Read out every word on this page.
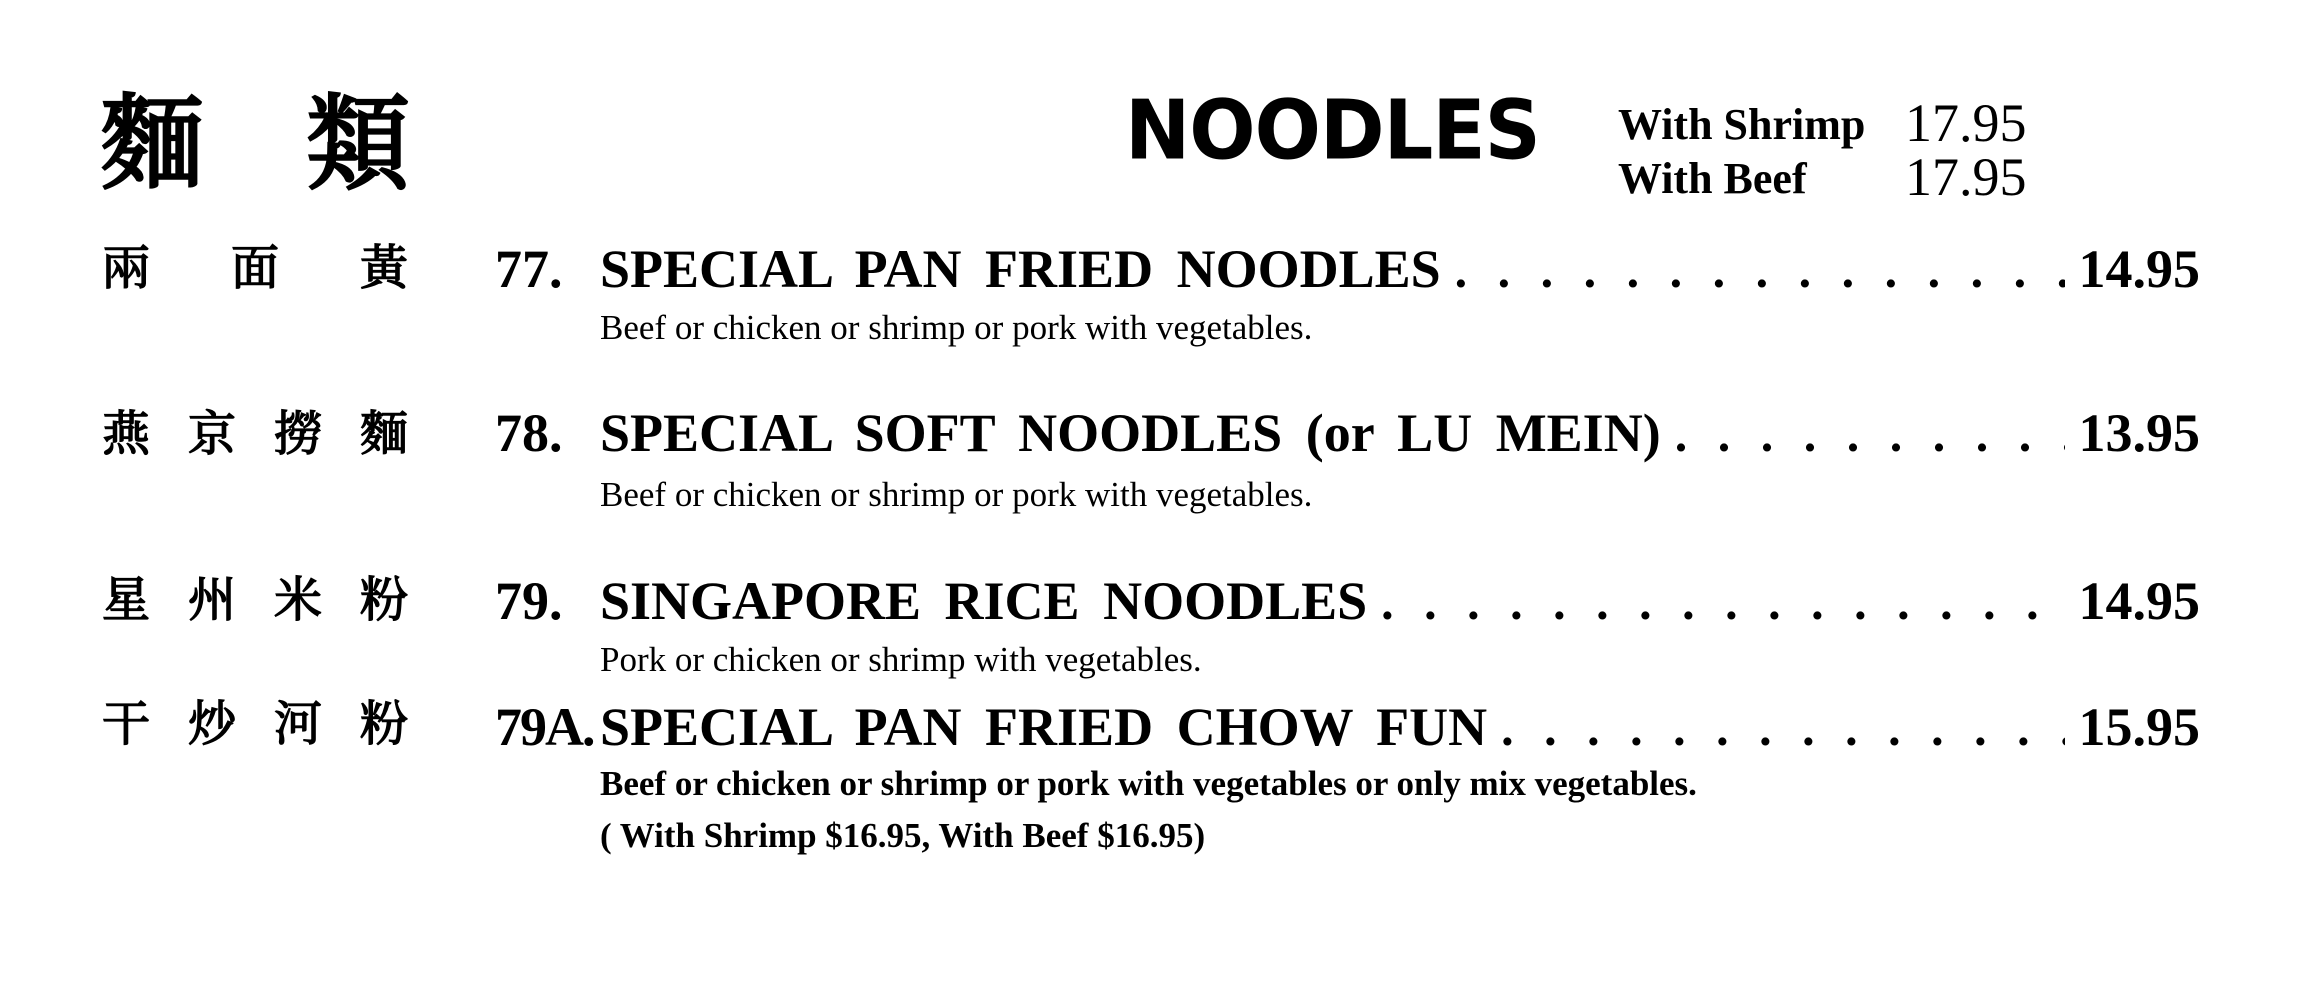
麵 類	NOODLES With Shrimp 17.95
With Beef 17.95
兩 面 黃 77. SPECIAL PAN FRIED NOODLES . . .	14.95
Beef or chicken or shrimp or pork with vegetables.
燕 京 撈 麵 78. SPECIAL SOFT NOODLES (or LU MEIN) . . .	13.95
Beef or chicken or shrimp or pork with vegetables.
星 州 米 粉 79. SINGAPORE RICE NOODLES . . .	14.95
Pork or chicken or shrimp with vegetables.
干 炒 河 粉 79A. SPECIAL PAN FRIED CHOW FUN . . .	15.95
Beef or chicken or shrimp or pork with vegetables or only mix vegetables.
( With Shrimp $16.95, With Beef $16.95)
